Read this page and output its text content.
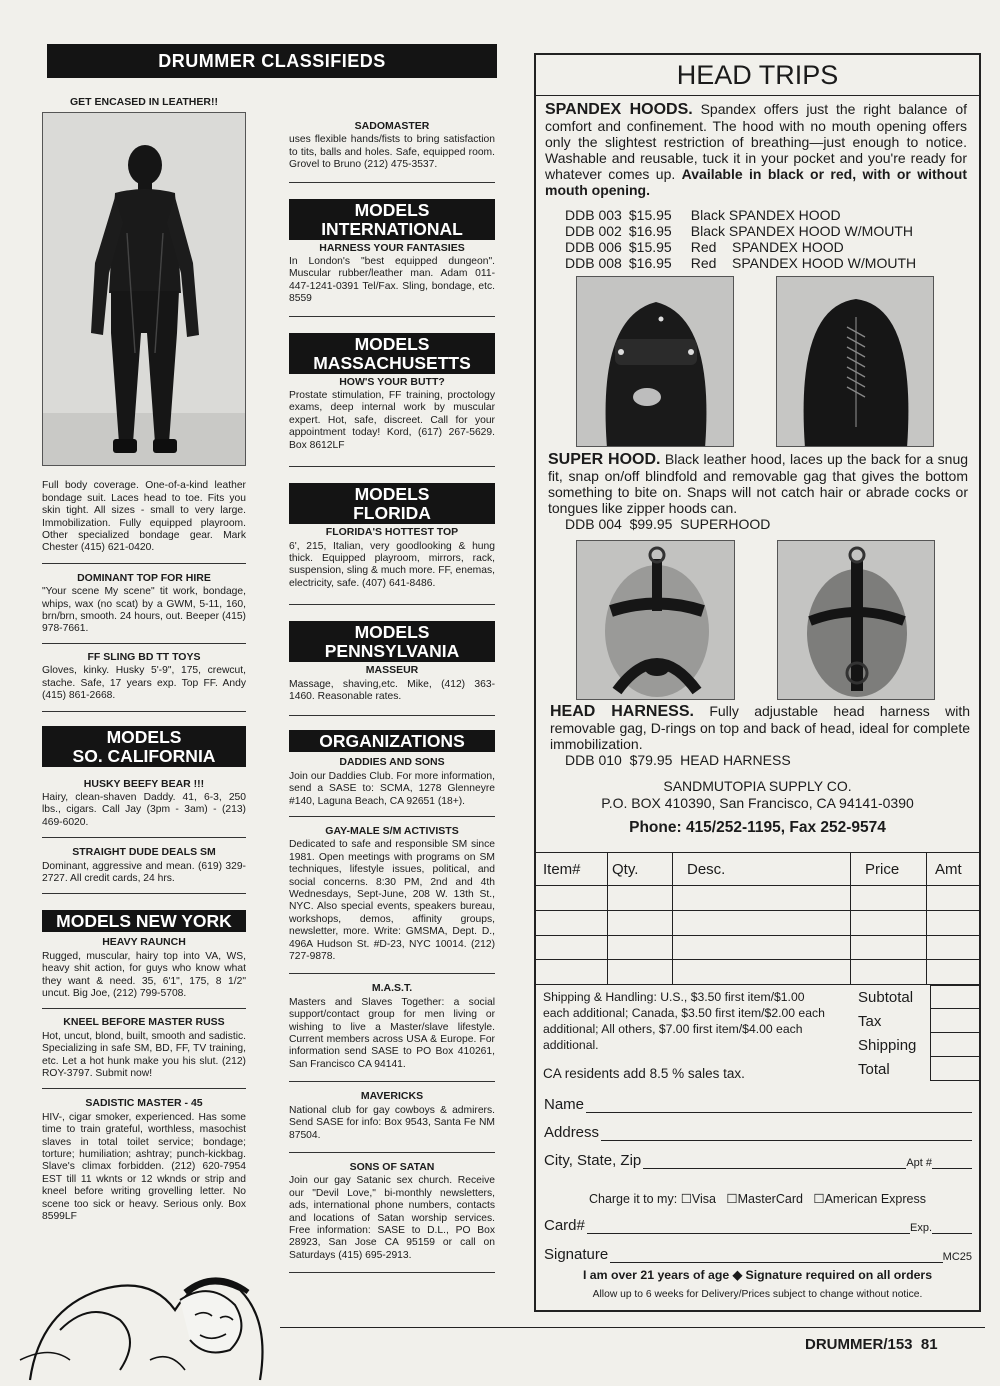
DRUMMER CLASSIFIEDS
GET ENCASED IN LEATHER!!
Full body coverage. One-of-a-kind leather bondage suit. Laces head to toe. Fits you skin tight. All sizes - small to very large. Immobilization. Fully equipped playroom. Other specialized bondage gear. Mark Chester (415) 621-0420.
DOMINANT TOP FOR HIRE
"Your scene My scene" tit work, bondage, whips, wax (no scat) by a GWM, 5-11, 160, brn/brn, smooth. 24 hours, out. Beeper (415) 978-7661.
FF SLING BD TT TOYS
Gloves, kinky. Husky 5'-9", 175, crewcut, stache. Safe, 17 years exp. Top FF. Andy (415) 861-2668.
MODELS
SO. CALIFORNIA
HUSKY BEEFY BEAR !!!
Hairy, clean-shaven Daddy. 41, 6-3, 250 lbs., cigars. Call Jay (3pm - 3am) - (213) 469-6020.
STRAIGHT DUDE DEALS SM
Dominant, aggressive and mean. (619) 329-2727. All credit cards, 24 hrs.
MODELS NEW YORK
HEAVY RAUNCH
Rugged, muscular, hairy top into VA, WS, heavy shit action, for guys who know what they want & need. 35, 6'1", 175, 8 1/2" uncut. Big Joe, (212) 799-5708.
KNEEL BEFORE MASTER RUSS
Hot, uncut, blond, built, smooth and sadistic. Specializing in safe SM, BD, FF, TV training, etc. Let a hot hunk make you his slut. (212) ROY-3797. Submit now!
SADISTIC MASTER - 45
HIV-, cigar smoker, experienced. Has some time to train grateful, worthless, masochist slaves in total toilet service; bondage; torture; humiliation; ashtray; punch-kickbag. Slave's climax forbidden. (212) 620-7954 EST till 11 wknts or 12 wknds or strip and kneel before writing grovelling letter. No scene too sick or heavy. Serious only. Box 8599LF
SADOMASTER
uses flexible hands/fists to bring satisfaction to tits, balls and holes. Safe, equipped room. Grovel to Bruno (212) 475-3537.
MODELS
INTERNATIONAL
HARNESS YOUR FANTASIES
In London's "best equipped dungeon". Muscular rubber/leather man. Adam 011-447-1241-0391 Tel/Fax. Sling, bondage, etc. 8559
MODELS
MASSACHUSETTS
HOW'S YOUR BUTT?
Prostate stimulation, FF training, proctology exams, deep internal work by muscular expert. Hot, safe, discreet. Call for your appointment today! Kord, (617) 267-5629. Box 8612LF
MODELS
FLORIDA
FLORIDA'S HOTTEST TOP
6', 215, Italian, very goodlooking & hung thick. Equipped playroom, mirrors, rack, suspension, sling & much more. FF, enemas, electricity, safe. (407) 641-8486.
MODELS
PENNSYLVANIA
MASSEUR
Massage, shaving,etc. Mike, (412) 363-1460. Reasonable rates.
ORGANIZATIONS
DADDIES AND SONS
Join our Daddies Club. For more information, send a SASE to: SCMA, 1278 Glenneyre #140, Laguna Beach, CA 92651 (18+).
GAY-MALE S/M ACTIVISTS
Dedicated to safe and responsible SM since 1981. Open meetings with programs on SM techniques, lifestyle issues, political, and social concerns. 8:30 PM, 2nd and 4th Wednesdays, Sept-June, 208 W. 13th St., NYC. Also special events, speakers bureau, workshops, demos, affinity groups, newsletter, more. Write: GMSMA, Dept. D., 496A Hudson St. #D-23, NYC 10014. (212) 727-9878.
M.A.S.T.
Masters and Slaves Together: a social support/contact group for men living or wishing to live a Master/slave lifestyle. Current members across USA & Europe. For information send SASE to PO Box 410261, San Francisco CA 94141.
MAVERICKS
National club for gay cowboys & admirers. Send SASE for info: Box 9543, Santa Fe NM 87504.
SONS OF SATAN
Join our gay Satanic sex church. Receive our "Devil Love," bi-monthly newsletters, ads, international phone numbers, contacts and locations of Satan worship services. Free information: SASE to D.L., PO Box 28923, San Jose CA 95159 or call on Saturdays (415) 695-2913.
HEAD TRIPS
SPANDEX HOODS. Spandex offers just the right balance of comfort and confinement. The hood with no mouth opening offers only the slightest restriction of breathing—just enough to notice. Washable and reusable, tuck it in your pocket and you're ready for whatever comes up. Available in black or red, with or without mouth opening.
DDB 003 $15.95 Black SPANDEX HOOD
DDB 002 $16.95 Black SPANDEX HOOD W/MOUTH
DDB 006 $15.95 Red    SPANDEX HOOD
DDB 008 $16.95 Red    SPANDEX HOOD W/MOUTH
SUPER HOOD. Black leather hood, laces up the back for a snug fit, snap on/off blindfold and removable gag that gives the bottom something to bite on. Snaps will not catch hair or abrade cocks or tongues like zipper hoods can.
DDB 004  $99.95  SUPERHOOD
HEAD HARNESS. Fully adjustable head harness with removable gag, D-rings on top and back of head, ideal for complete immobilization.
DDB 010  $79.95  HEAD HARNESS
SANDMUTOPIA SUPPLY CO.
P.O. BOX 410390, San Francisco, CA 94141-0390
Phone: 415/252-1195, Fax 252-9574
Item#	Qty.	Desc.	Price	Amt

Shipping & Handling: U.S., $3.50 first item/$1.00 each additional; Canada, $3.50 first item/$2.00 each additional; All others, $7.00 first item/$4.00 each additional.
CA residents add 8.5 % sales tax.
Subtotal
Tax
Shipping
Total
Name
Address
City, State, Zip	Apt #
Charge it to my: ☐Visa ☐MasterCard ☐American Express
Card#	Exp.
Signature	MC25
I am over 21 years of age ◆ Signature required on all orders
Allow up to 6 weeks for Delivery/Prices subject to change without notice.
DRUMMER/153 81
